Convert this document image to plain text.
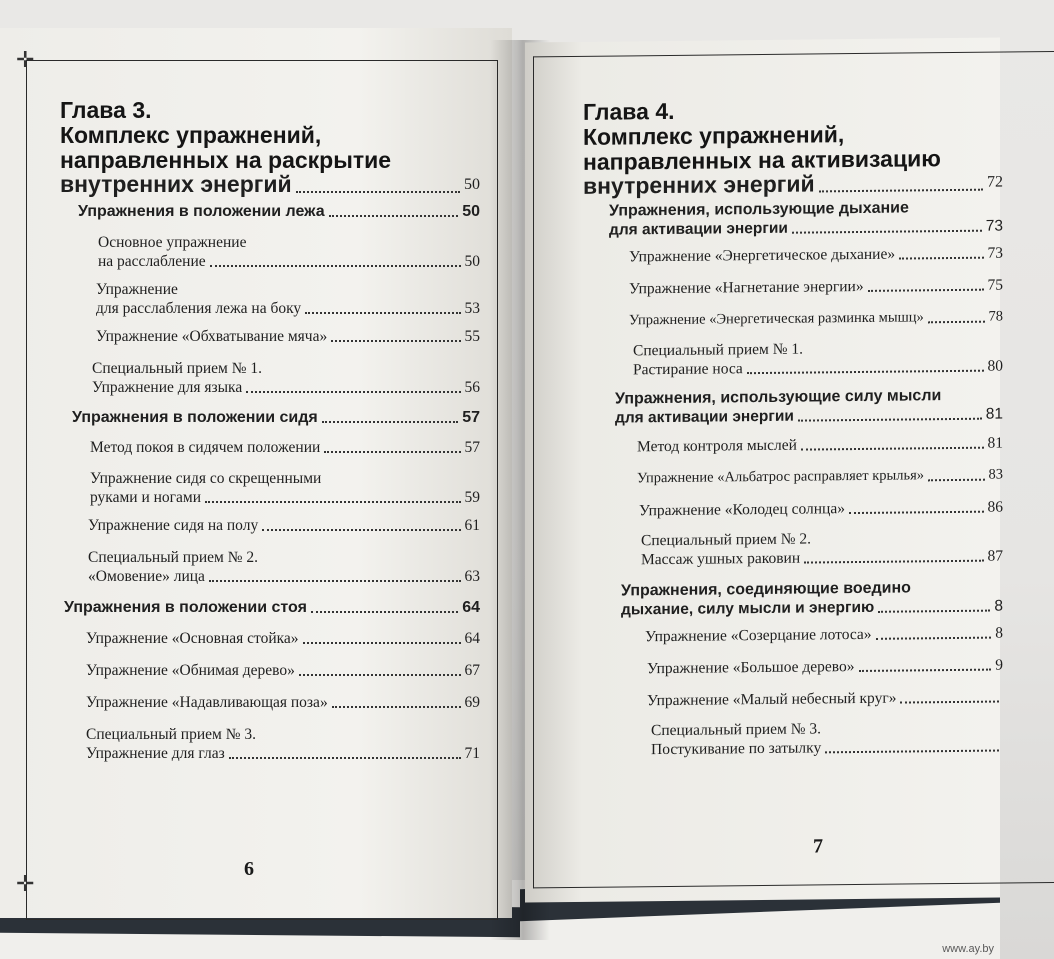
✛
✛
Глава 3.
Комплекс упражнений,
направленных на раскрытие
внутренних энергий	50
Упражнения в положении лежа	50
Основное упражнение
на расслабление	50
Упражнение
для расслабления лежа на боку	53
Упражнение «Обхватывание мяча»	55
Специальный прием № 1.
Упражнение для языка	56
Упражнения в положении сидя	57
Метод покоя в сидячем положении	57
Упражнение сидя со скрещенными
руками и ногами	59
Упражнение сидя на полу	61
Специальный прием № 2.
«Омовение» лица	63
Упражнения в положении стоя	64
Упражнение «Основная стойка»	64
Упражнение «Обнимая дерево»	67
Упражнение «Надавливающая поза»	69
Специальный прием № 3.
Упражнение для глаз	71
6
Глава 4.
Комплекс упражнений,
направленных на активизацию
внутренних энергий	72
Упражнения, использующие дыхание
для активации энергии	73
Упражнение «Энергетическое дыхание»	73
Упражнение «Нагнетание энергии»	75
Упражнение «Энергетическая разминка мышц»	78
Специальный прием № 1.
Растирание носа	80
Упражнения, использующие силу мысли
для активации энергии	81
Метод контроля мыслей	81
Упражнение «Альбатрос расправляет крылья»	83
Упражнение «Колодец солнца»	86
Специальный прием № 2.
Массаж ушных раковин	87
Упражнения, соединяющие воедино
дыхание, силу мысли и энергию	8
Упражнение «Созерцание лотоса»	8
Упражнение «Большое дерево»	9
Упражнение «Малый небесный круг»
Специальный прием № 3.
Постукивание по затылку
7
www.ay.by
